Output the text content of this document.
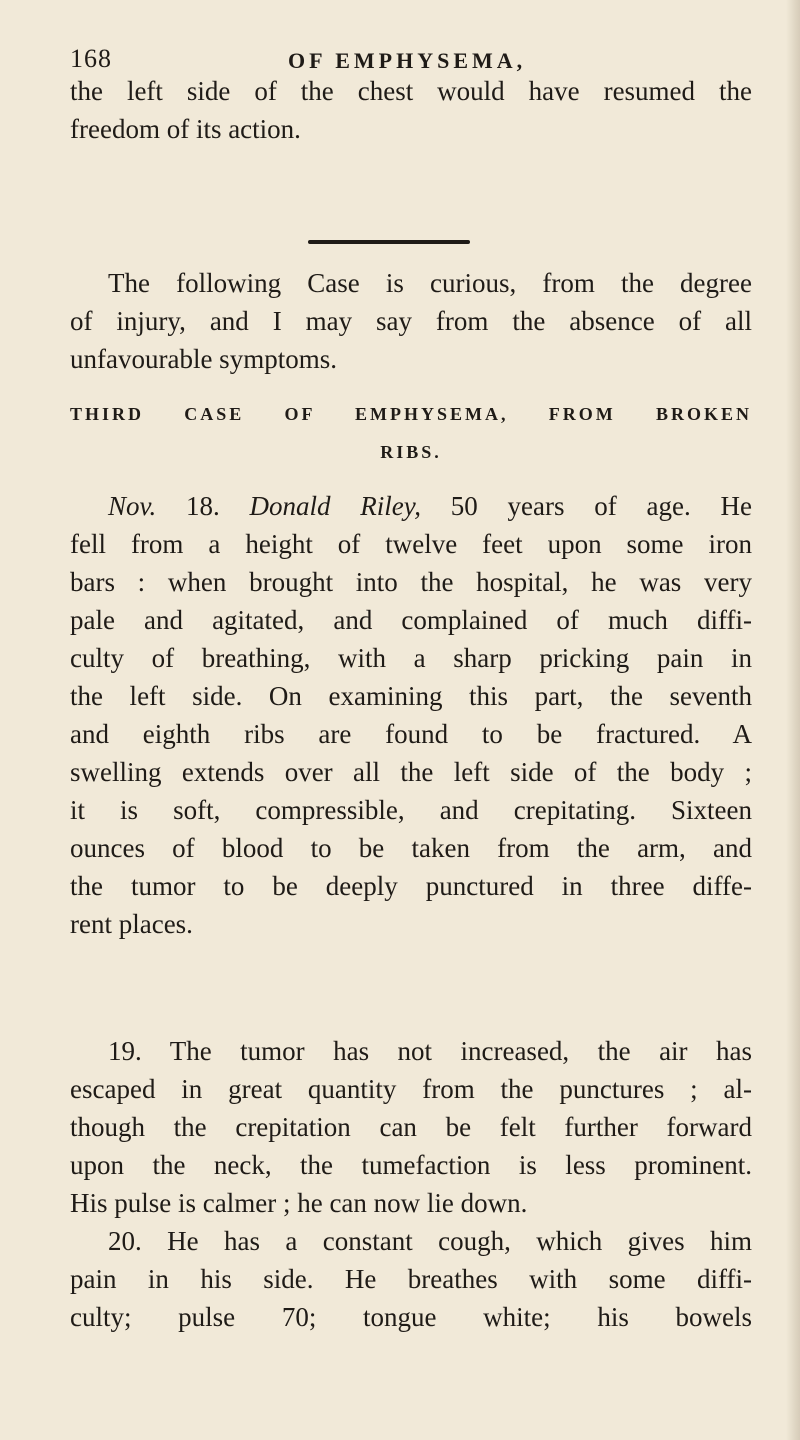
168	OF EMPHYSEMA,

the left side of the chest would have resumed the
freedom of its action.

The following Case is curious, from the degree
of injury, and I may say from the absence of all
unfavourable symptoms.

THIRD CASE OF EMPHYSEMA, FROM BROKEN
RIBS.

Nov. 18. Donald Riley, 50 years of age. He
fell from a height of twelve feet upon some iron
bars : when brought into the hospital, he was very
pale and agitated, and complained of much diffi-
culty of breathing, with a sharp pricking pain in
the left side. On examining this part, the seventh
and eighth ribs are found to be fractured. A
swelling extends over all the left side of the body ;
it is soft, compressible, and crepitating. Sixteen
ounces of blood to be taken from the arm, and
the tumor to be deeply punctured in three diffe-
rent places.

19. The tumor has not increased, the air has
escaped in great quantity from the punctures ; al-
though the crepitation can be felt further forward
upon the neck, the tumefaction is less prominent.
His pulse is calmer ; he can now lie down.

20. He has a constant cough, which gives him
pain in his side. He breathes with some diffi-
culty; pulse 70; tongue white; his bowels
